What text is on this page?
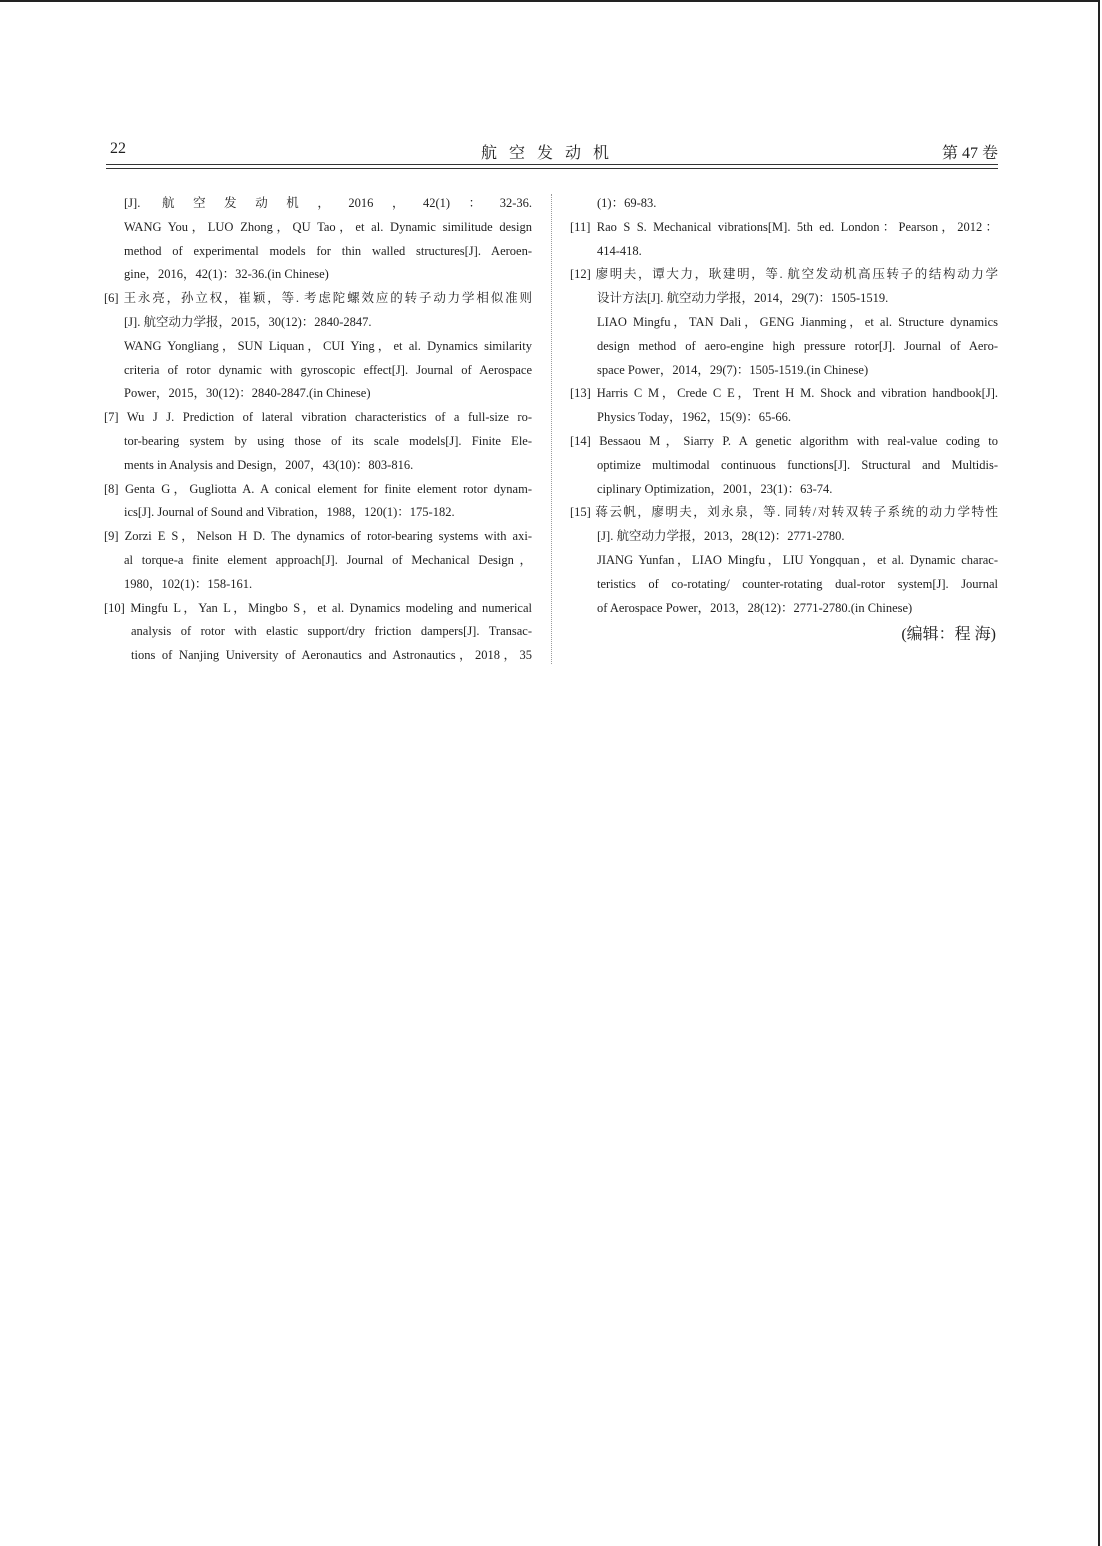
22	航空发动机	第 47 卷
[J]. 航空发动机，2016，42(1)：32-36.
WANG You，LUO Zhong，QU Tao，et al. Dynamic similitude design
method of experimental models for thin walled structures[J]. Aeroen-
gine，2016，42(1)：32-36.(in Chinese)
[6] 王永亮，孙立权，崔颖，等. 考虑陀螺效应的转子动力学相似准则
[J]. 航空动力学报，2015，30(12)：2840-2847.
WANG Yongliang，SUN Liquan，CUI Ying，et al. Dynamics similarity
criteria of rotor dynamic with gyroscopic effect[J]. Journal of Aerospace
Power，2015，30(12)：2840-2847.(in Chinese)
[7] Wu J J. Prediction of lateral vibration characteristics of a full-size ro-
tor-bearing system by using those of its scale models[J]. Finite Ele-
ments in Analysis and Design，2007，43(10)：803-816.
[8] Genta G，Gugliotta A. A conical element for finite element rotor dynam-
ics[J]. Journal of Sound and Vibration，1988，120(1)：175-182.
[9] Zorzi E S，Nelson H D. The dynamics of rotor-bearing systems with axi-
al torque-a finite element approach[J]. Journal of Mechanical Design，
1980，102(1)：158-161.
[10] Mingfu L，Yan L，Mingbo S，et al. Dynamics modeling and numerical
analysis of rotor with elastic support/dry friction dampers[J]. Transac-
tions of Nanjing University of Aeronautics and Astronautics，2018，35
(1)：69-83.
[11] Rao S S. Mechanical vibrations[M]. 5th ed. London：Pearson，2012：
414-418.
[12] 廖明夫，谭大力，耿建明，等. 航空发动机高压转子的结构动力学
设计方法[J]. 航空动力学报，2014，29(7)：1505-1519.
LIAO Mingfu，TAN Dali，GENG Jianming，et al. Structure dynamics
design method of aero-engine high pressure rotor[J]. Journal of Aero-
space Power，2014，29(7)：1505-1519.(in Chinese)
[13] Harris C M，Crede C E，Trent H M. Shock and vibration handbook[J].
Physics Today，1962，15(9)：65-66.
[14] Bessaou M，Siarry P. A genetic algorithm with real-value coding to
optimize multimodal continuous functions[J]. Structural and Multidis-
ciplinary Optimization，2001，23(1)：63-74.
[15] 蒋云帆，廖明夫，刘永泉，等. 同转/对转双转子系统的动力学特性
[J]. 航空动力学报，2013，28(12)：2771-2780.
JIANG Yunfan，LIAO Mingfu，LIU Yongquan，et al. Dynamic charac-
teristics of co-rotating/ counter-rotating dual-rotor system[J]. Journal
of Aerospace Power，2013，28(12)：2771-2780.(in Chinese)
(编辑：程 海)
